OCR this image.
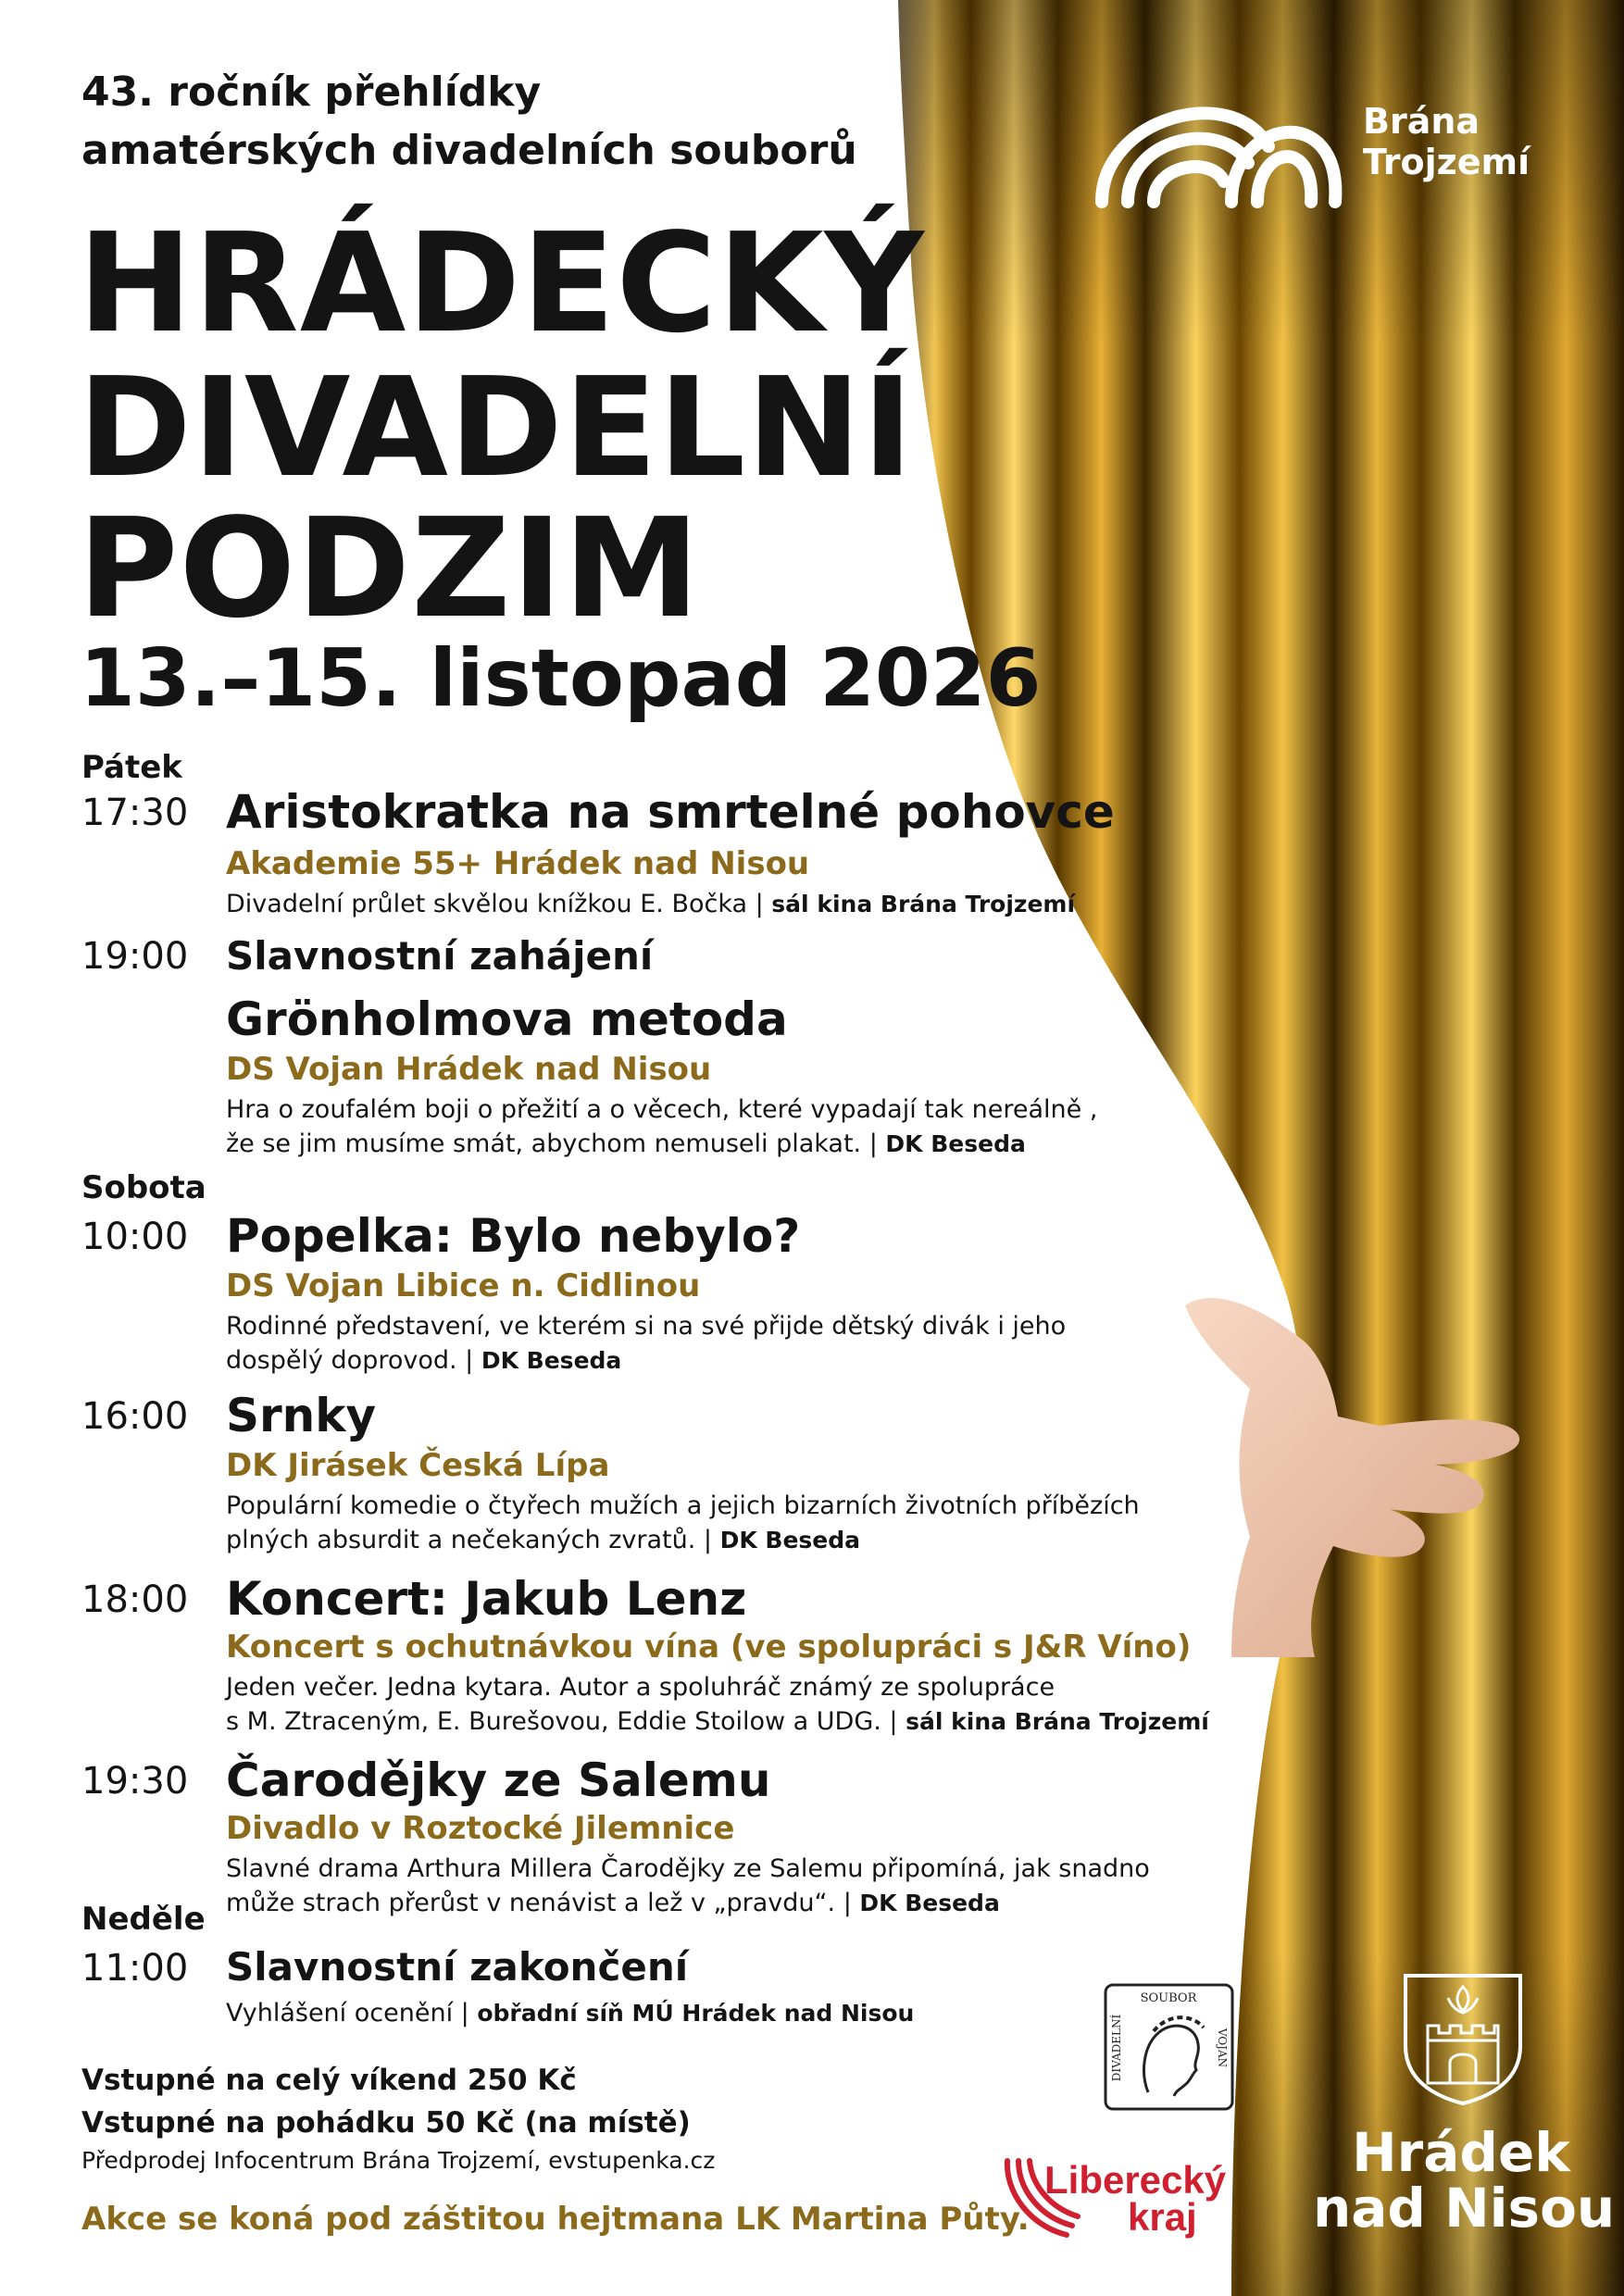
43. ročník přehlídky
amatérských divadelních souborů
HRÁDECKÝ
DIVADELNÍ
PODZIM
13.–15. listopad 2026
Brána
Trojzemí
Pátek
17:30 Aristokratka na smrtelné pohovce
Akademie 55+ Hrádek nad Nisou
Divadelní průlet skvělou knížkou E. Bočka | sál kina Brána Trojzemí
19:00 Slavnostní zahájení
Grönholmova metoda
DS Vojan Hrádek nad Nisou
Hra o zoufalém boji o přežití a o věcech, které vypadají tak nereálně ,
že se jim musíme smát, abychom nemuseli plakat. | DK Beseda
Sobota
10:00 Popelka: Bylo nebylo?
DS Vojan Libice n. Cidlinou
Rodinné představení, ve kterém si na své přijde dětský divák i jeho
dospělý doprovod. | DK Beseda
16:00 Srnky
DK Jirásek Česká Lípa
Populární komedie o čtyřech mužích a jejich bizarních životních příbězích
plných absurdit a nečekaných zvratů. | DK Beseda
18:00 Koncert: Jakub Lenz
Koncert s ochutnávkou vína (ve spolupráci s J&R Víno)
Jeden večer. Jedna kytara. Autor a spoluhráč známý ze spolupráce
s M. Ztraceným, E. Burešovou, Eddie Stoilow a UDG. | sál kina Brána Trojzemí
19:30 Čarodějky ze Salemu
Divadlo v Roztocké Jilemnice
Slavné drama Arthura Millera Čarodějky ze Salemu připomíná, jak snadno
může strach přerůst v nenávist a lež v „pravdu“. | DK Beseda
Neděle
11:00 Slavnostní zakončení
Vyhlášení ocenění | obřadní síň MÚ Hrádek nad Nisou
Vstupné na celý víkend 250 Kč
Vstupné na pohádku 50 Kč (na místě)
Předprodej Infocentrum Brána Trojzemí, evstupenka.cz
Akce se koná pod záštitou hejtmana LK Martina Půty.
SOUBOR
DIVADELNÍ	VOJAN
Liberecký
kraj
Hrádek
nad Nisou
